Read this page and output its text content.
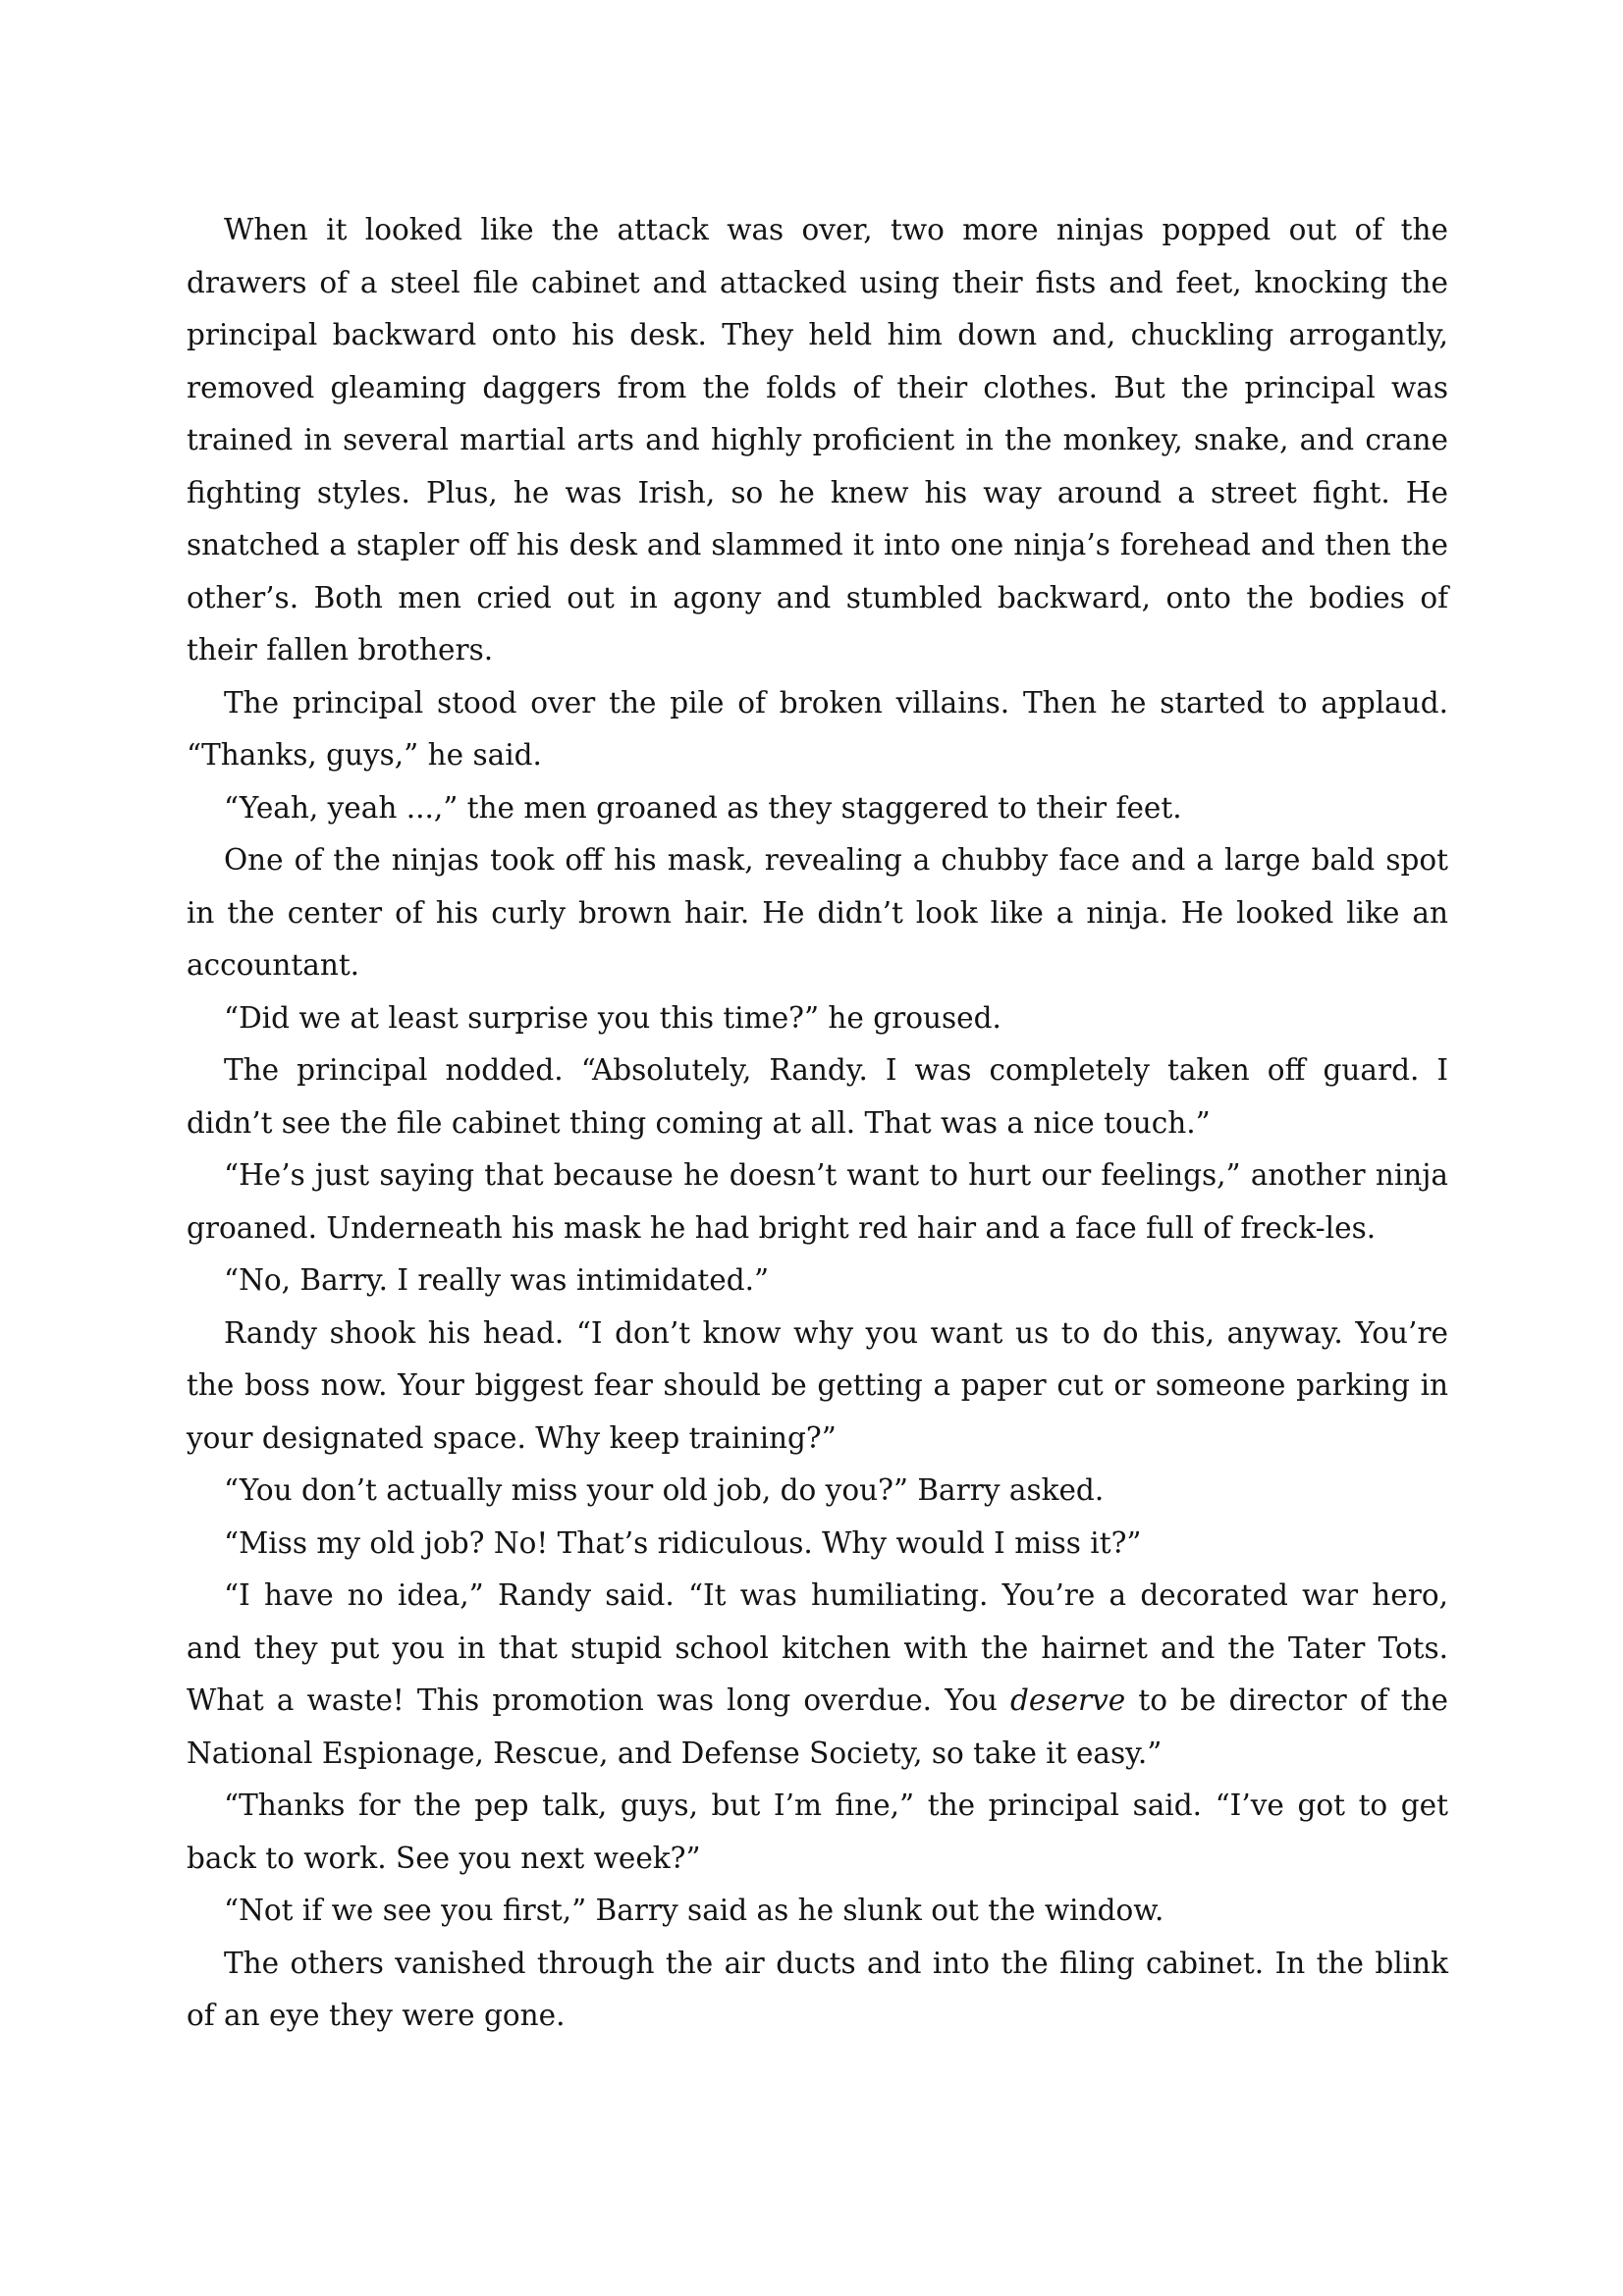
When it looked like the attack was over, two more ninjas popped out of the drawers of a steel file cabinet and attacked using their fists and feet, knocking the principal backward onto his desk. They held him down and, chuckling arrogantly, removed gleaming daggers from the folds of their clothes. But the principal was trained in several martial arts and highly proficient in the monkey, snake, and crane fighting styles. Plus, he was Irish, so he knew his way around a street fight. He snatched a stapler off his desk and slammed it into one ninja’s forehead and then the other’s. Both men cried out in agony and stumbled backward, onto the bodies of their fallen brothers.

The principal stood over the pile of broken villains. Then he started to applaud. “Thanks, guys,” he said.

“Yeah, yeah ...,” the men groaned as they staggered to their feet.

One of the ninjas took off his mask, revealing a chubby face and a large bald spot in the center of his curly brown hair. He didn’t look like a ninja. He looked like an accountant.

“Did we at least surprise you this time?” he groused.

The principal nodded. “Absolutely, Randy. I was completely taken off guard. I didn’t see the file cabinet thing coming at all. That was a nice touch.”

“He’s just saying that because he doesn’t want to hurt our feelings,” another ninja groaned. Underneath his mask he had bright red hair and a face full of freck-les.

“No, Barry. I really was intimidated.”

Randy shook his head. “I don’t know why you want us to do this, anyway. You’re the boss now. Your biggest fear should be getting a paper cut or someone parking in your designated space. Why keep training?”

“You don’t actually miss your old job, do you?” Barry asked.

“Miss my old job? No! That’s ridiculous. Why would I miss it?”

“I have no idea,” Randy said. “It was humiliating. You’re a decorated war hero, and they put you in that stupid school kitchen with the hairnet and the Tater Tots. What a waste! This promotion was long overdue. You deserve to be director of the National Espionage, Rescue, and Defense Society, so take it easy.”

“Thanks for the pep talk, guys, but I’m fine,” the principal said. “I’ve got to get back to work. See you next week?”

“Not if we see you first,” Barry said as he slunk out the window.

The others vanished through the air ducts and into the filing cabinet. In the blink of an eye they were gone.
